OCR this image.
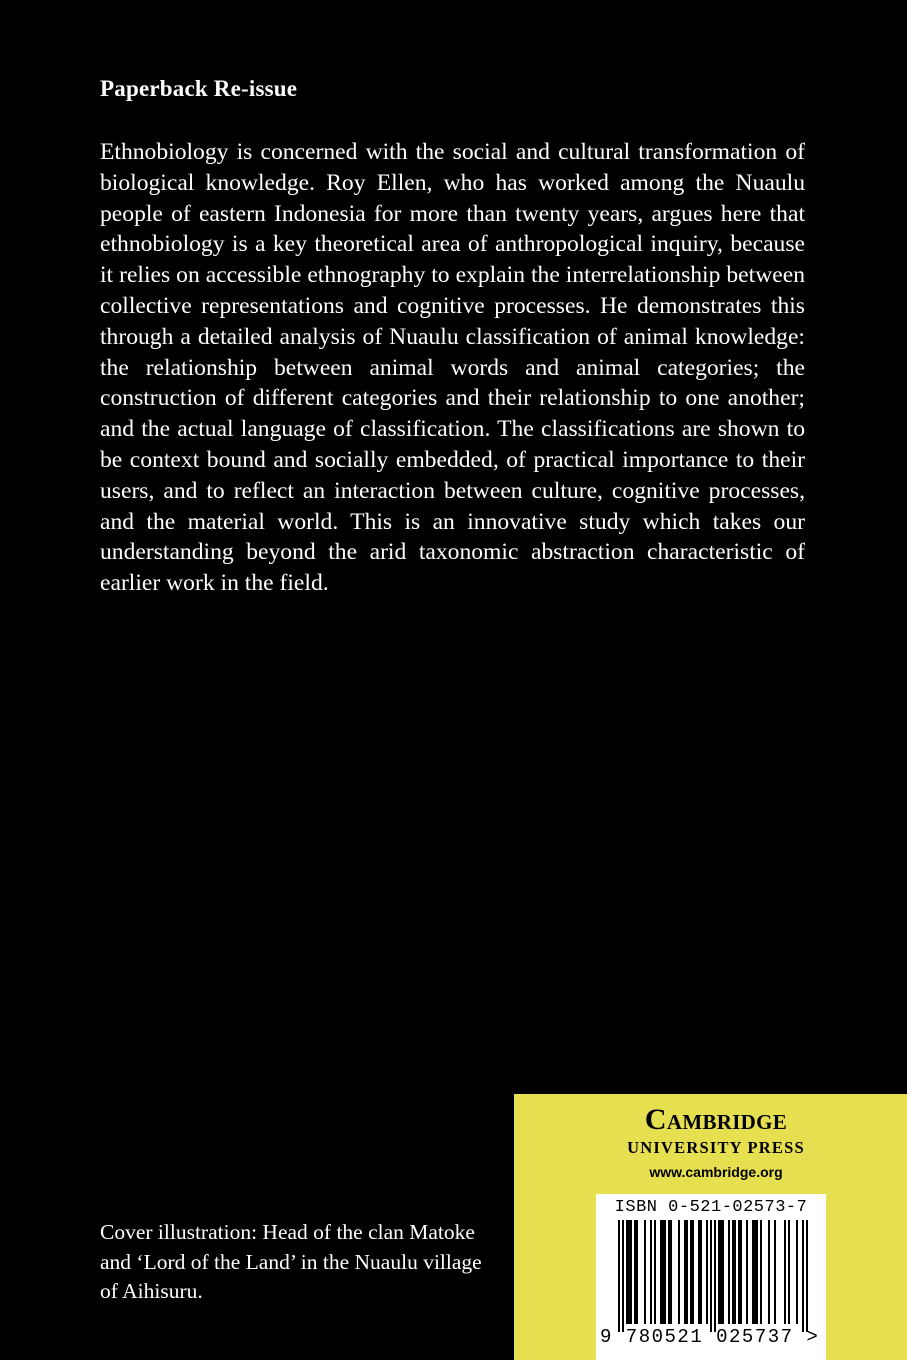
Paperback Re-issue

Ethnobiology is concerned with the social and cultural transformation of biological knowledge. Roy Ellen, who has worked among the Nuaulu people of eastern Indonesia for more than twenty years, argues here that ethnobiology is a key theoretical area of anthropological inquiry, because it relies on accessible ethnography to explain the interrelationship between collective representations and cognitive processes. He demonstrates this through a detailed analysis of Nuaulu classification of animal knowledge: the relationship between animal words and animal categories; the construction of different categories and their relationship to one another; and the actual language of classification. The classifications are shown to be context bound and socially embedded, of practical importance to their users, and to reflect an interaction between culture, cognitive processes, and the material world. This is an innovative study which takes our understanding beyond the arid taxonomic abstraction characteristic of earlier work in the field.

Cover illustration: Head of the clan Matoke and ‘Lord of the Land’ in the Nuaulu village of Aihisuru.

Cambridge
UNIVERSITY PRESS
www.cambridge.org
ISBN 0-521-02573-7
9 780521 025737 >
